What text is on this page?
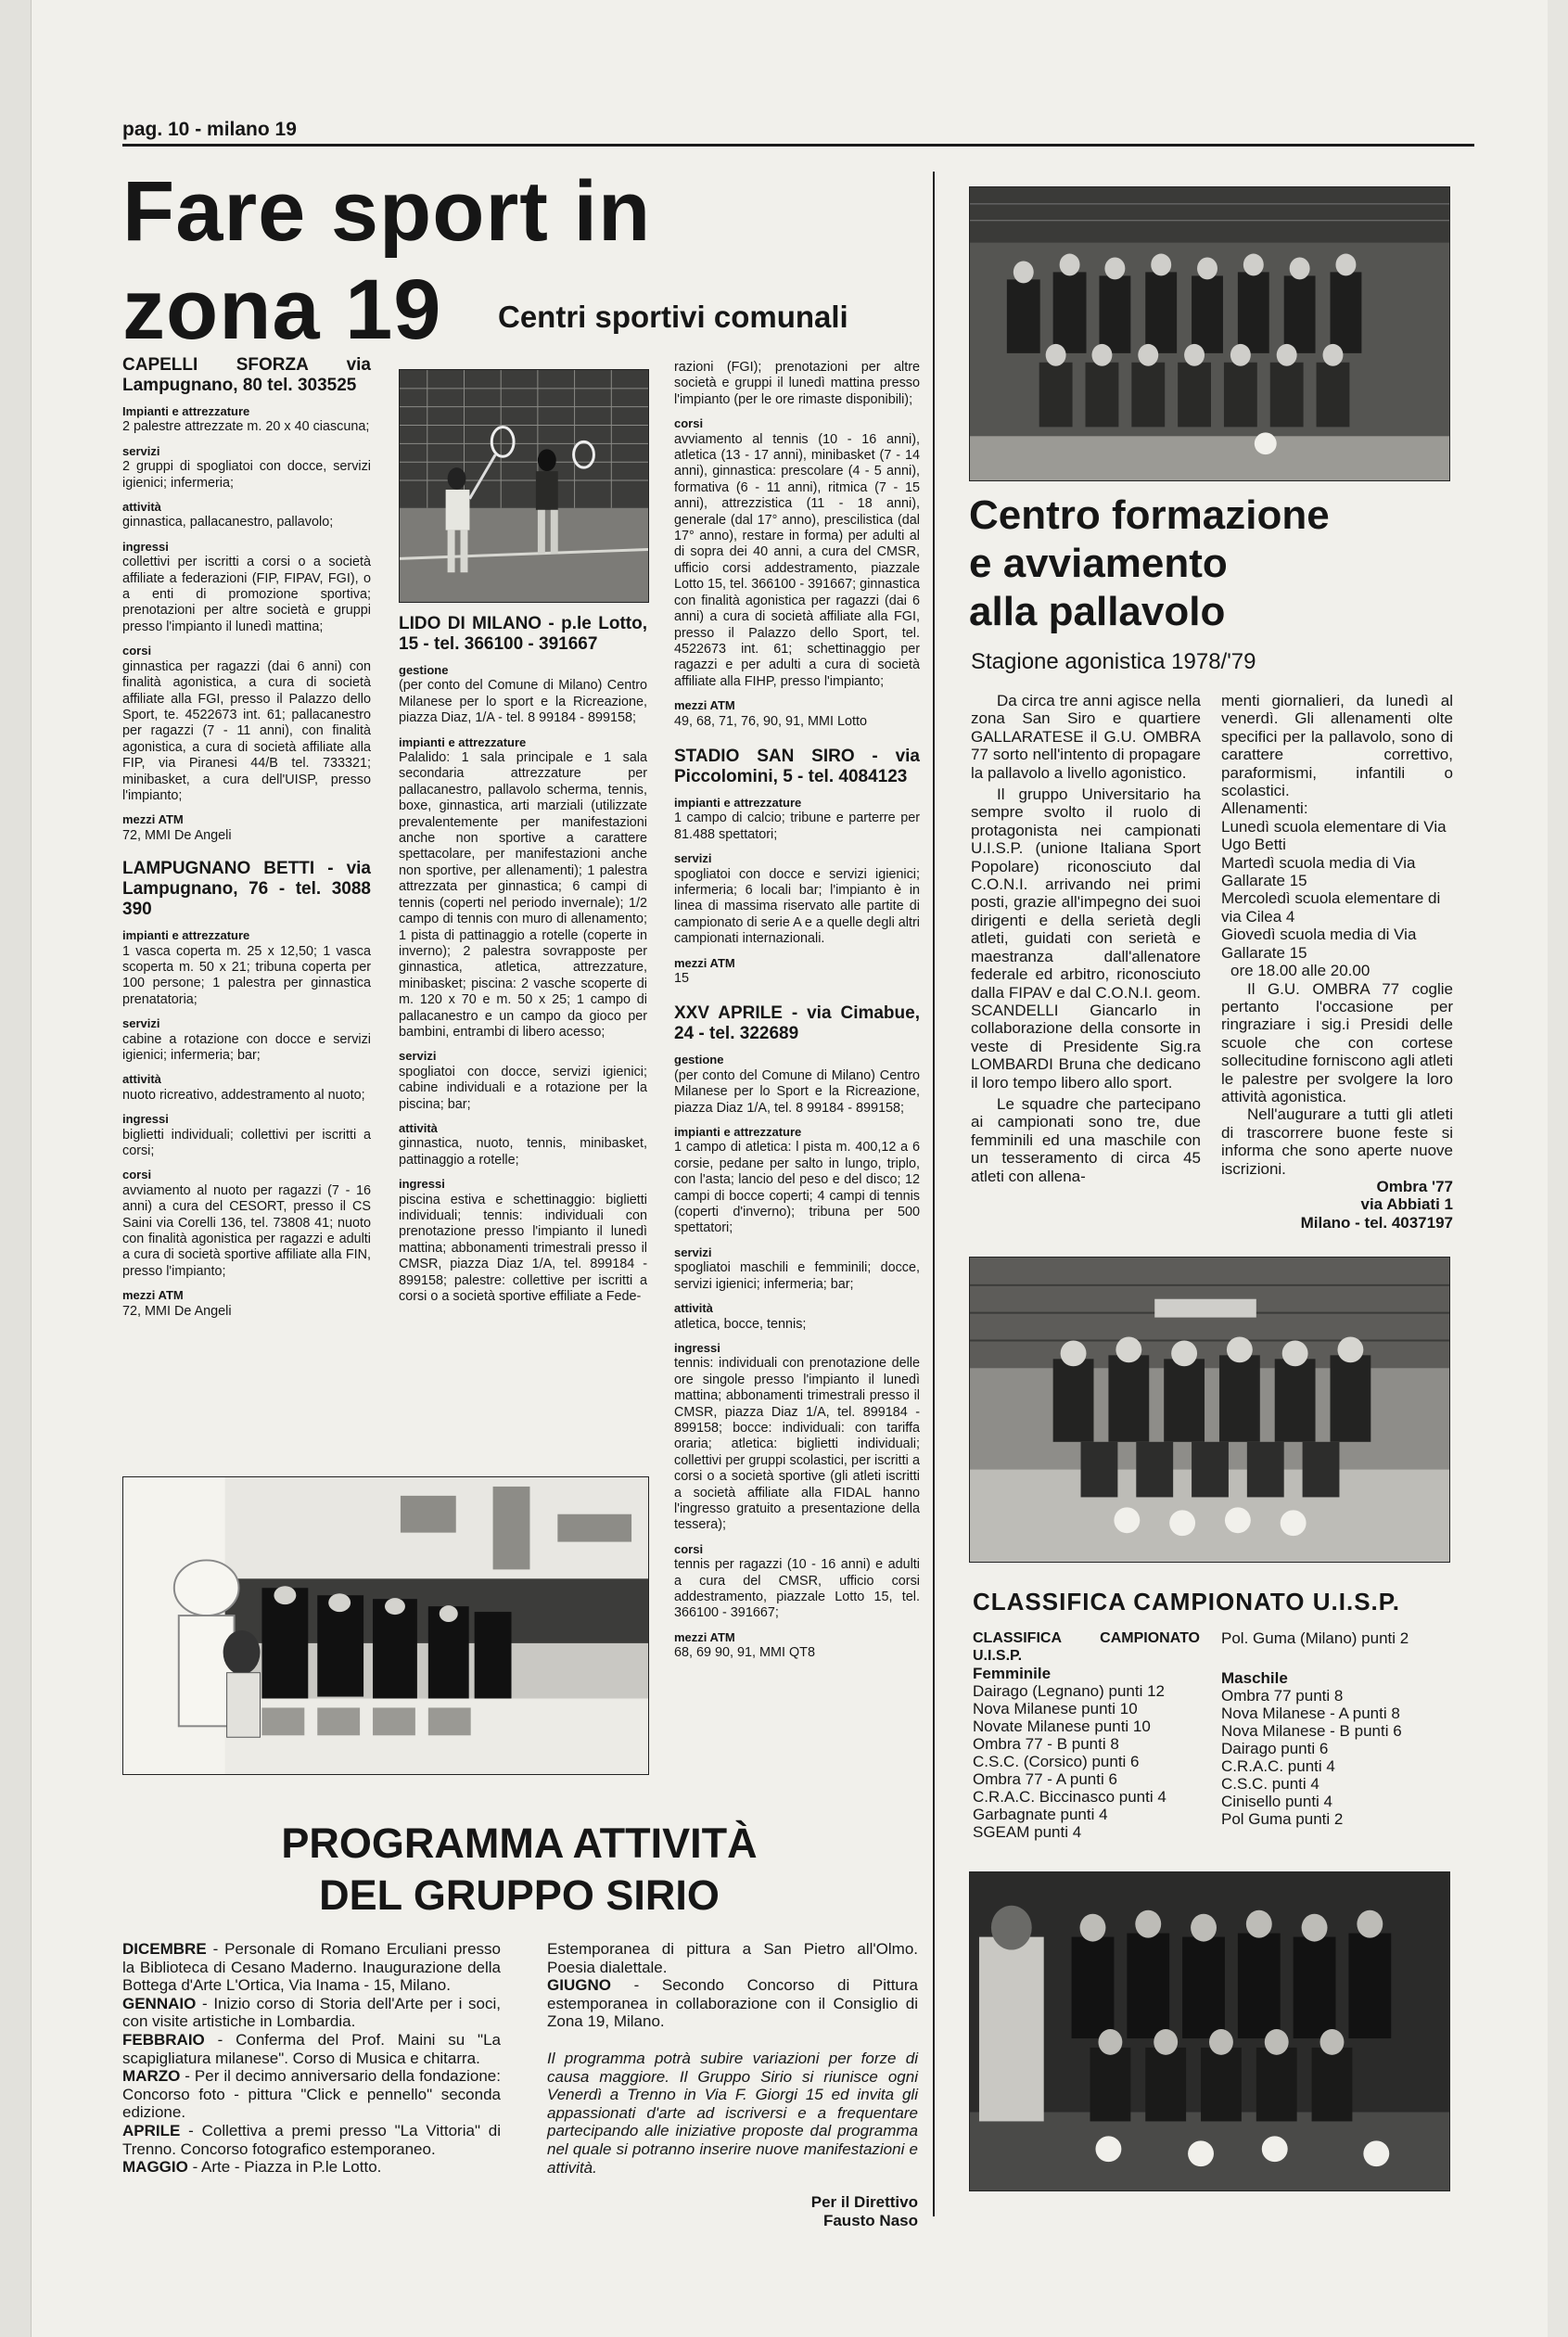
pag. 10 - milano 19
Fare sport in
zona 19	Centri sportivi comunali
CAPELLI SFORZA via Lampugnano, 80 tel. 303525
Impianti e attrezzature
2 palestre attrezzate m. 20 x 40 ciascuna;
servizi
2 gruppi di spogliatoi con docce, servizi igienici; infermeria;
attività
ginnastica, pallacanestro, pallavolo;
ingressi
collettivi per iscritti a corsi o a società affiliate a federazioni (FIP, FIPAV, FGI), o a enti di promozione sportiva; prenotazioni per altre società e gruppi presso l'impianto il lunedì mattina;
corsi
ginnastica per ragazzi (dai 6 anni) con finalità agonistica, a cura di società affiliate alla FGI, presso il Palazzo dello Sport, te. 4522673 int. 61; pallacanestro per ragazzi (7 - 11 anni), con finalità agonistica, a cura di società affiliate alla FIP, via Piranesi 44/B tel. 733321; minibasket, a cura dell'UISP, presso l'impianto;
mezzi ATM
72, MMI De Angeli
LAMPUGNANO BETTI - via Lampugnano, 76 - tel. 3088 390
impianti e attrezzature
1 vasca coperta m. 25 x 12,50; 1 vasca scoperta m. 50 x 21; tribuna coperta per 100 persone; 1 palestra per ginnastica prenatatoria;
servizi
cabine a rotazione con docce e servizi igienici; infermeria; bar;
attività
nuoto ricreativo, addestramento al nuoto;
ingressi
biglietti individuali; collettivi per iscritti a corsi;
corsi
avviamento al nuoto per ragazzi (7 - 16 anni) a cura del CESORT, presso il CS Saini via Corelli 136, tel. 73808 41; nuoto con finalità agonistica per ragazzi e adulti a cura di società sportive affiliate alla FIN, presso l'impianto;
mezzi ATM
72, MMI De Angeli
LIDO DI MILANO - p.le Lotto, 15 - tel. 366100 - 391667
gestione
(per conto del Comune di Milano) Centro Milanese per lo sport e la Ricreazione, piazza Diaz, 1/A - tel. 8 99184 - 899158;
impianti e attrezzature
Palalido: 1 sala principale e 1 sala secondaria attrezzature per pallacanestro, pallavolo scherma, tennis, boxe, ginnastica, arti marziali (utilizzate prevalentemente per manifestazioni anche non sportive a carattere spettacolare, per manifestazioni anche non sportive, per allenamenti); 1 palestra attrezzata per ginnastica; 6 campi di tennis (coperti nel periodo invernale); 1/2 campo di tennis con muro di allenamento; 1 pista di pattinaggio a rotelle (coperte in inverno); 2 palestra sovrapposte per ginnastica, atletica, attrezzature, minibasket; piscina: 2 vasche scoperte di m. 120 x 70 e m. 50 x 25; 1 campo di pallacanestro e un campo da gioco per bambini, entrambi di libero acesso;
servizi
spogliatoi con docce, servizi igienici; cabine individuali e a rotazione per la piscina; bar;
attività
ginnastica, nuoto, tennis, minibasket, pattinaggio a rotelle;
ingressi
piscina estiva e schettinaggio: biglietti individuali; tennis: individuali con prenotazione presso l'impianto il lunedì mattina; abbonamenti trimestrali presso il CMSR, piazza Diaz 1/A, tel. 899184 - 899158; palestre: collettive per iscritti a corsi o a società sportive effiliate a Fede-
razioni (FGI); prenotazioni per altre società e gruppi il lunedì mattina presso l'impianto (per le ore rimaste disponibili);
corsi
avviamento al tennis (10 - 16 anni), atletica (13 - 17 anni), minibasket (7 - 14 anni), ginnastica: prescolare (4 - 5 anni), formativa (6 - 11 anni), ritmica (7 - 15 anni), attrezzistica (11 - 18 anni), generale (dal 17° anno), prescilistica (dal 17° anno), restare in forma) per adulti al di sopra dei 40 anni, a cura del CMSR, ufficio corsi addestramento, piazzale Lotto 15, tel. 366100 - 391667; ginnastica con finalità agonistica per ragazzi (dai 6 anni) a cura di società affiliate alla FGI, presso il Palazzo dello Sport, tel. 4522673 int. 61; schettinaggio per ragazzi e per adulti a cura di società affiliate alla FIHP, presso l'impianto;
mezzi ATM
49, 68, 71, 76, 90, 91, MMI Lotto
STADIO SAN SIRO - via Piccolomini, 5 - tel. 4084123
impianti e attrezzature
1 campo di calcio; tribune e parterre per 81.488 spettatori;
servizi
spogliatoi con docce e servizi igienici; infermeria; 6 locali bar; l'impianto è in linea di massima riservato alle partite di campionato di serie A e a quelle degli altri campionati internazionali.
mezzi ATM
15
XXV APRILE - via Cimabue, 24 - tel. 322689
gestione
(per conto del Comune di Milano) Centro Milanese per lo Sport e la Ricreazione, piazza Diaz 1/A, tel. 8 99184 - 899158;
impianti e attrezzature
1 campo di atletica: l pista m. 400,12 a 6 corsie, pedane per salto in lungo, triplo, con l'asta; lancio del peso e del disco; 12 campi di bocce coperti; 4 campi di tennis (coperti d'inverno); tribuna per 500 spettatori;
servizi
spogliatoi maschili e femminili; docce, servizi igienici; infermeria; bar;
attività
atletica, bocce, tennis;
ingressi
tennis: individuali con prenotazione delle ore singole presso l'impianto il lunedì mattina; abbonamenti trimestrali presso il CMSR, piazza Diaz 1/A, tel. 899184 - 899158; bocce: individuali: con tariffa oraria; atletica: biglietti individuali; collettivi per gruppi scolastici, per iscritti a corsi o a società sportive (gli atleti iscritti a società affiliate alla FIDAL hanno l'ingresso gratuito a presentazione della tessera);
corsi
tennis per ragazzi (10 - 16 anni) e adulti a cura del CMSR, ufficio corsi addestramento, piazzale Lotto 15, tel. 366100 - 391667;
mezzi ATM
68, 69 90, 91, MMI QT8
Centro formazione
e avviamento
alla pallavolo
Stagione agonistica 1978/'79

Da circa tre anni agisce nella zona San Siro e quartiere GALLARATESE il G.U. OMBRA 77 sorto nell'intento di propagare la pallavolo a livello agonistico.

Il gruppo Universitario ha sempre svolto il ruolo di protagonista nei campionati U.I.S.P. (unione Italiana Sport Popolare) riconosciuto dal C.O.N.I. arrivando nei primi posti, grazie all'impegno dei suoi dirigenti e della serietà degli atleti, guidati con serietà e maestranza dall'allenatore federale ed arbitro, riconosciuto dalla FIPAV e dal C.O.N.I. geom. SCANDELLI Giancarlo in collaborazione della consorte in veste di Presidente Sig.ra LOMBARDI Bruna che dedicano il loro tempo libero allo sport.

Le squadre che partecipano ai campionati sono tre, due femminili ed una maschile con un tesseramento di circa 45 atleti con allena-

menti giornalieri, da lunedì al venerdì. Gli allenamenti olte specifici per la pallavolo, sono di carattere correttivo, paraformismi, infantili o scolastici.

Allenamenti:

Lunedì scuola elementare di Via Ugo Betti

Martedì scuola media di Via Gallarate 15

Mercoledì scuola elementare di via Cilea 4

Giovedì scuola media di Via Gallarate 15

ore 18.00 alle 20.00

Il G.U. OMBRA 77 coglie pertanto l'occasione per ringraziare i sig.i Presidi delle scuole che con cortese sollecitudine forniscono agli atleti le palestre per svolgere la loro attività agonistica.

Nell'augurare a tutti gli atleti di trascorrere buone feste si informa che sono aperte nuove iscrizioni.

Ombra '77

via Abbiati 1

Milano - tel. 4037197

CLASSIFICA CAMPIONATO U.I.S.P.
CLASSIFICA CAMPIONATO U.I.S.P.
Femminile
Dairago (Legnano) punti 12
Nova Milanese punti 10
Novate Milanese punti 10
Ombra 77 - B punti 8
C.S.C. (Corsico) punti 6
Ombra 77 - A punti 6
C.R.A.C. Biccinasco punti 4
Garbagnate punti 4
SGEAM punti 4
Pol. Guma (Milano) punti 2
Maschile
Ombra 77 punti 8
Nova Milanese - A punti 8
Nova Milanese - B punti 6
Dairago punti 6
C.R.A.C. punti 4
C.S.C. punti 4
Cinisello punti 4
Pol Guma punti 2
PROGRAMMA ATTIVITÀ
DEL GRUPPO SIRIO
DICEMBRE - Personale di Romano Erculiani presso la Biblioteca di Cesano Maderno. Inaugurazione della Bottega d'Arte L'Ortica, Via Inama - 15, Milano.
GENNAIO - Inizio corso di Storia dell'Arte per i soci, con visite artistiche in Lombardia.
FEBBRAIO - Conferma del Prof. Maini su "La scapigliatura milanese". Corso di Musica e chitarra.
MARZO - Per il decimo anniversario della fondazione: Concorso foto - pittura "Click e pennello" seconda edizione.
APRILE - Collettiva a premi presso "La Vittoria" di Trenno. Concorso fotografico estemporaneo.
MAGGIO - Arte - Piazza in P.le Lotto.
Estemporanea di pittura a San Pietro all'Olmo. Poesia dialettale.
GIUGNO - Secondo Concorso di Pittura estemporanea in collaborazione con il Consiglio di Zona 19, Milano.
Il programma potrà subire variazioni per forze di causa maggiore. Il Gruppo Sirio si riunisce ogni Venerdì a Trenno in Via F. Giorgi 15 ed invita gli appassionati d'arte ad iscriversi e a frequentare partecipando alle iniziative proposte dal programma nel quale si potranno inserire nuove manifestazioni e attività.
Per il Direttivo
Fausto Naso
